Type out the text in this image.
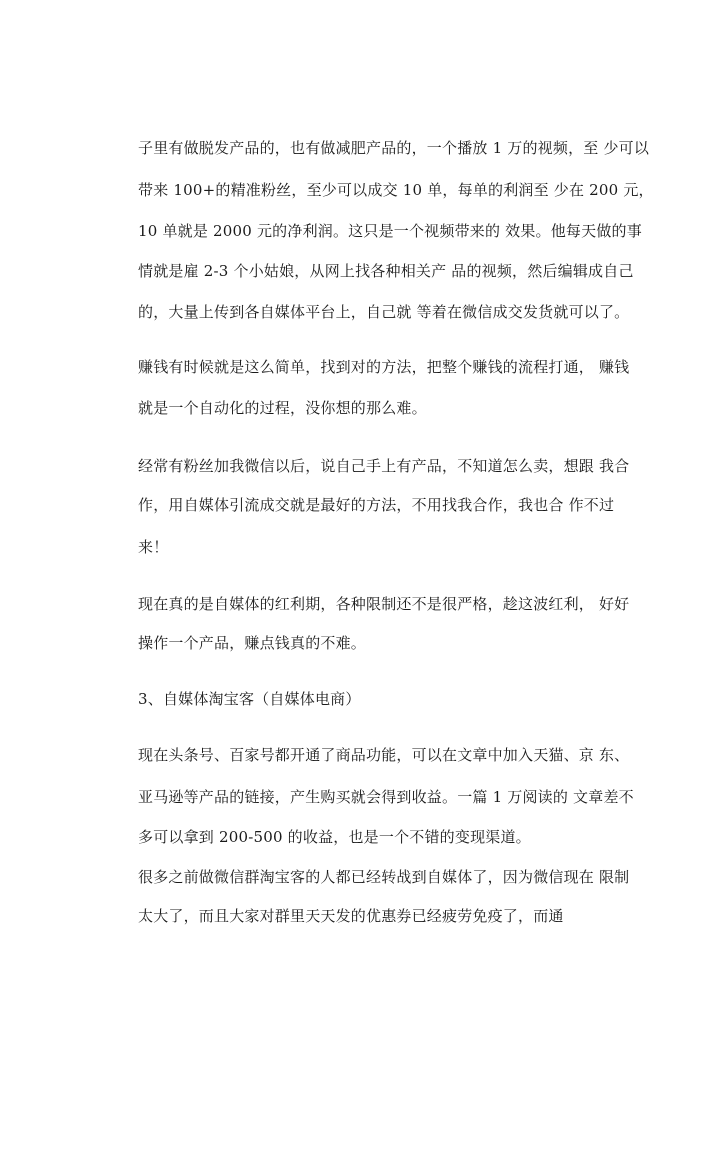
子里有做脱发产品的，也有做减肥产品的，一个播放 1 万的视频，至 少可以
带来 100+的精准粉丝，至少可以成交 10 单，每单的利润至 少在 200 元，
10 单就是 2000 元的净利润。这只是一个视频带来的 效果。他每天做的事
情就是雇 2-3 个小姑娘，从网上找各种相关产 品的视频，然后编辑成自己
的，大量上传到各自媒体平台上，自己就 等着在微信成交发货就可以了。
赚钱有时候就是这么简单，找到对的方法，把整个赚钱的流程打通， 赚钱
就是一个自动化的过程，没你想的那么难。
经常有粉丝加我微信以后，说自己手上有产品，不知道怎么卖，想跟 我合
作，用自媒体引流成交就是最好的方法，不用找我合作，我也合 作不过
来！
现在真的是自媒体的红利期，各种限制还不是很严格，趁这波红利， 好好
操作一个产品，赚点钱真的不难。
3、自媒体淘宝客（自媒体电商）
现在头条号、百家号都开通了商品功能，可以在文章中加入天猫、京 东、
亚马逊等产品的链接，产生购买就会得到收益。一篇 1 万阅读的 文章差不
多可以拿到 200-500 的收益，也是一个不错的变现渠道。
很多之前做微信群淘宝客的人都已经转战到自媒体了，因为微信现在 限制
太大了，而且大家对群里天天发的优惠券已经疲劳免疫了，而通
